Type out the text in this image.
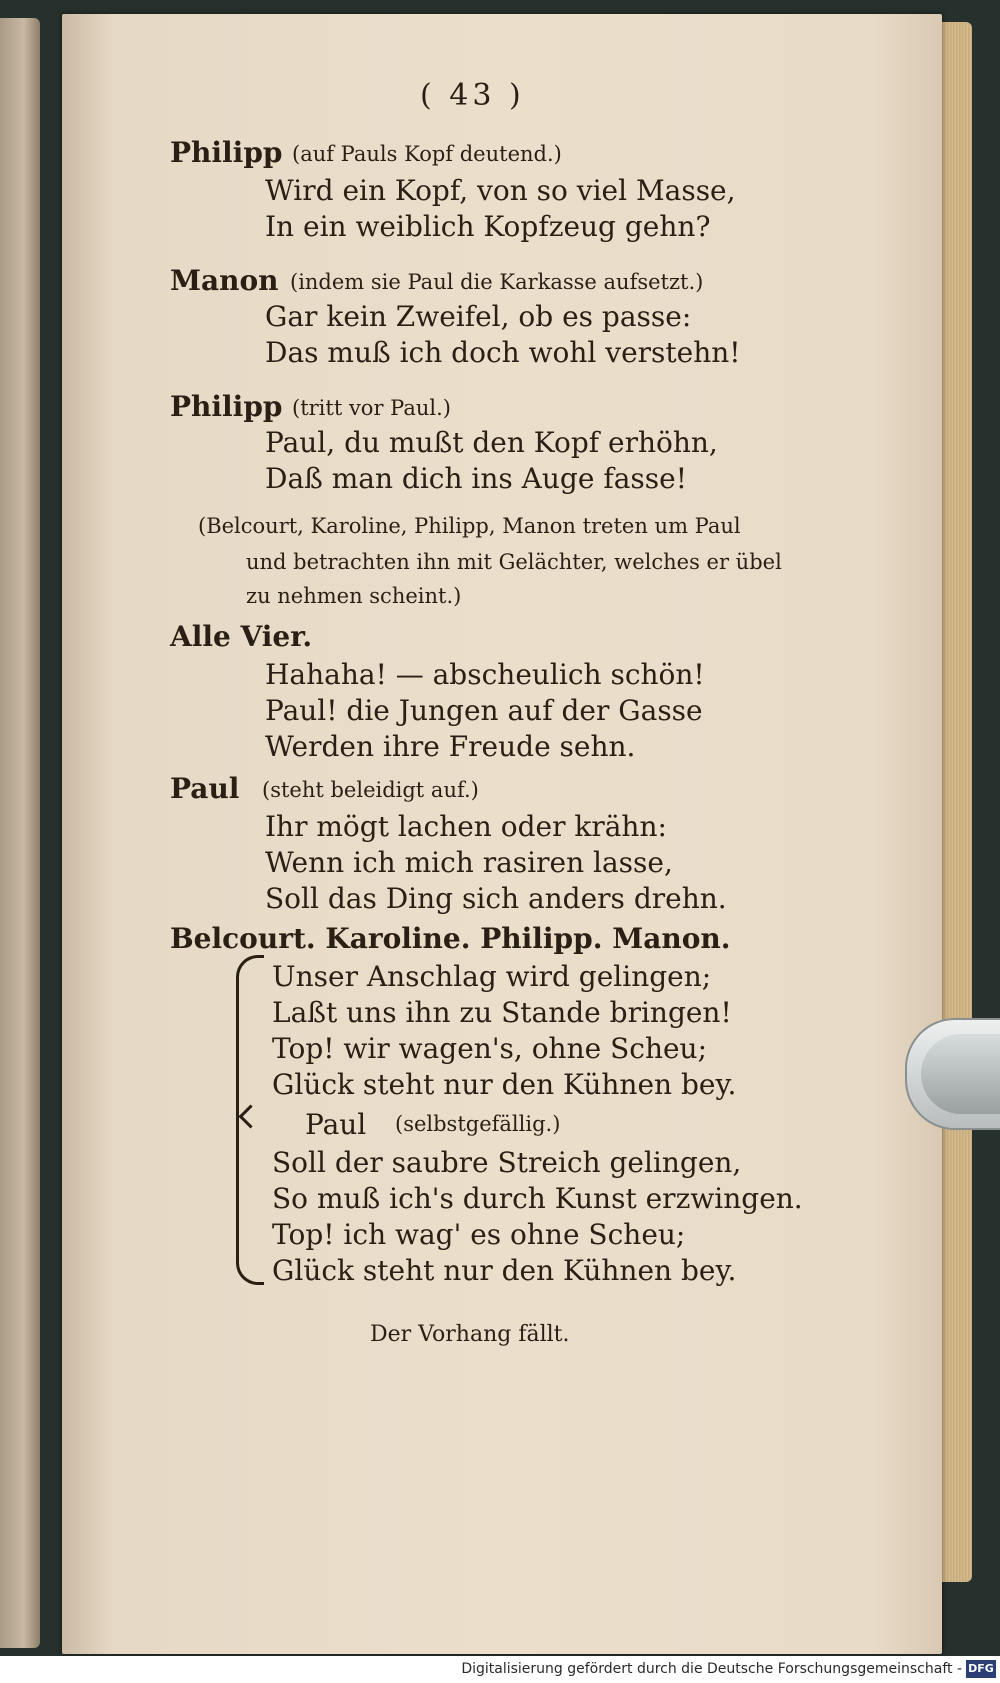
( 43 )
Philipp (auf Pauls Kopf deutend.)
Wird ein Kopf, von so viel Masse,
In ein weiblich Kopfzeug gehn?
Manon (indem sie Paul die Karkasse aufsetzt.)
Gar kein Zweifel, ob es passe:
Das muß ich doch wohl verstehn!
Philipp (tritt vor Paul.)
Paul, du mußt den Kopf erhöhn,
Daß man dich ins Auge fasse!
(Belcourt, Karoline, Philipp, Manon treten um Paul
und betrachten ihn mit Gelächter, welches er übel
zu nehmen scheint.)
Alle Vier.
Hahaha! — abscheulich schön!
Paul! die Jungen auf der Gasse
Werden ihre Freude sehn.
Paul (steht beleidigt auf.)
Ihr mögt lachen oder krähn:
Wenn ich mich rasiren lasse,
Soll das Ding sich anders drehn.
Belcourt. Karoline. Philipp. Manon.
Unser Anschlag wird gelingen;
Laßt uns ihn zu Stande bringen!
Top! wir wagen's, ohne Scheu;
Glück steht nur den Kühnen bey.
Paul (selbstgefällig.)
Soll der saubre Streich gelingen,
So muß ich's durch Kunst erzwingen.
Top! ich wag' es ohne Scheu;
Glück steht nur den Kühnen bey.
Der Vorhang fällt.
Digitalisierung gefördert durch die Deutsche Forschungsgemeinschaft - DFG
